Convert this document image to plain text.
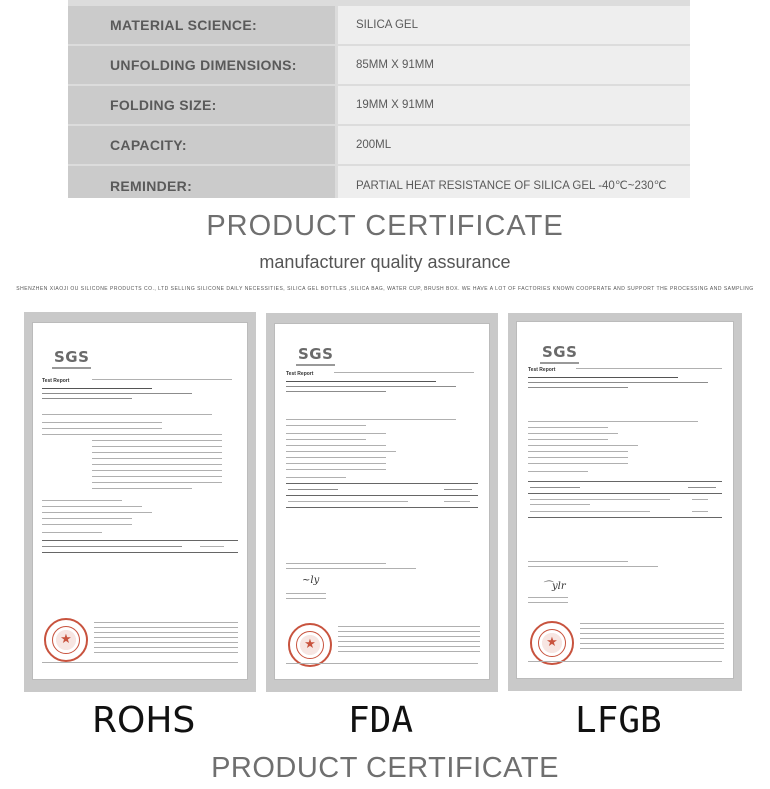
MATERIAL SCIENCE:	SILICA GEL
UNFOLDING DIMENSIONS:	85MM X 91MM
FOLDING SIZE:	19MM X 91MM
CAPACITY:	200ML
REMINDER:	PARTIAL HEAT RESISTANCE OF SILICA GEL -40℃~230℃
PRODUCT CERTIFICATE
manufacturer quality assurance
SHENZHEN XIAOJI OU SILICONE PRODUCTS CO., LTD SELLING SILICONE DAILY NECESSITIES, SILICA GEL BOTTLES ,SILICA BAG, WATER CUP, BRUSH BOX. WE HAVE A LOT OF FACTORIES KNOWN COOPERATE AND SUPPORT THE PROCESSING AND SAMPLING
SGS
Test Report
★
SGS
Test Report
~ly
★
SGS
Test Report
⌒ylr
★
ROHS	FDA	LFGB
PRODUCT CERTIFICATE
